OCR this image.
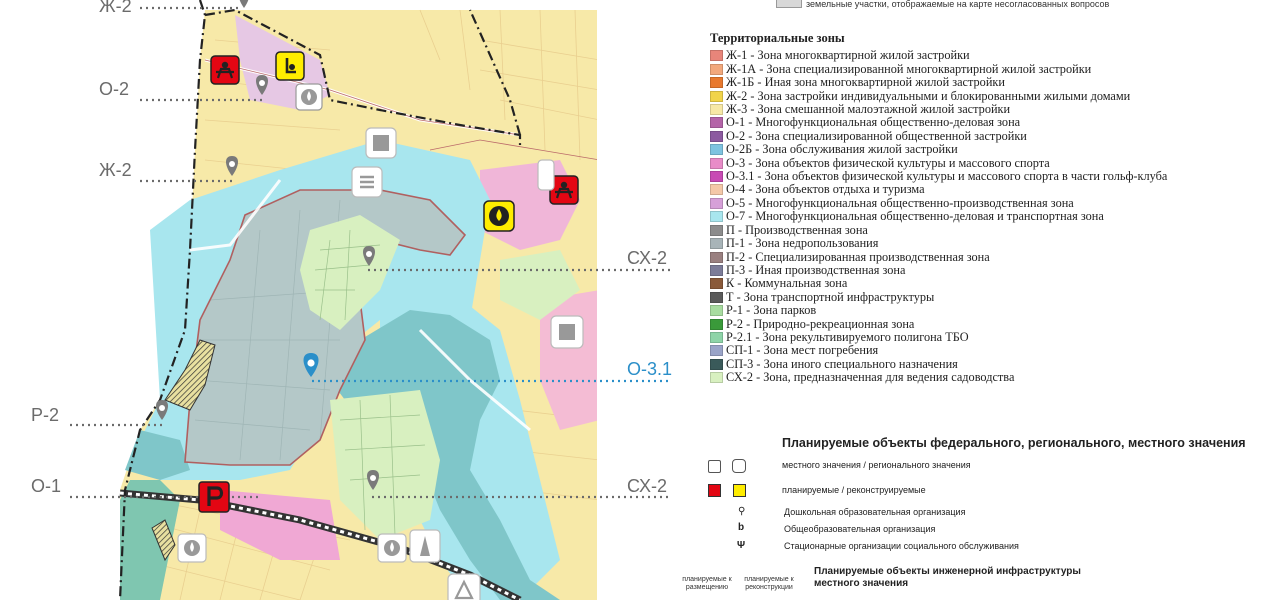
Ж-2
О-2
Ж-2
СХ-2
О-3.1
Р-2
О-1	СХ-2
земельные участки, отображаемые на карте несогласованных вопросов
Территориальные зоны
Ж-1 - Зона многоквартирной жилой застройки
Ж-1А - Зона специализированной многоквартирной жилой застройки
Ж-1Б - Иная зона многоквартирной жилой застройки
Ж-2 - Зона застройки индивидуальными и блокированными жилыми домами
Ж-3 - Зона смешанной малоэтажной жилой застройки
О-1 - Многофункциональная общественно-деловая зона
О-2 - Зона специализированной общественной застройки
О-2Б - Зона обслуживания жилой застройки
О-3 - Зона объектов физической культуры и массового спорта
О-3.1 - Зона объектов физической культуры и массового спорта в части гольф-клуба
О-4 - Зона объектов отдыха и туризма
О-5 - Многофункциональная общественно-производственная зона
О-7 - Многофункциональная общественно-деловая и транспортная зона
П - Производственная зона
П-1 - Зона недропользования
П-2 - Специализированная производственная зона
П-3 - Иная производственная зона
К - Коммунальная зона
Т - Зона транспортной инфраструктуры
Р-1 - Зона парков
Р-2 - Природно-рекреационная зона
Р-2.1 - Зона рекультивируемого полигона ТБО
СП-1 - Зона мест погребения
СП-3 - Зона иного специального назначения
СХ-2 - Зона, предназначенная для ведения садоводства
Планируемые объекты федерального, регионального, местного значения
местного значения / регионального значения
планируемые / реконструируемые
⚲	Дошкольная образовательная организация
b	Общеобразовательная организация
Ψ	Стационарные организации социального обслуживания
планируемые к размещению
планируемые к реконструкции
Планируемые объекты инженерной инфраструктуры местного значения
